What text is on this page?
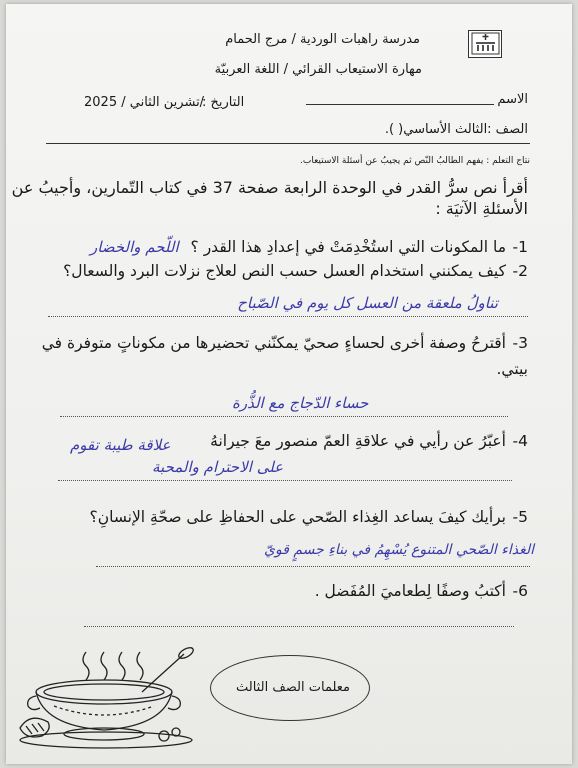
مدرسة راهبات الوردية / مرج الحمام
مهارة الاستيعاب القرائي / اللغة العربيّة
الاسم
/تشرين الثاني / 2025
التاريخ :
الصف :الثالث الأساسي( ).
نتاج التعلم : يفهم الطالبُ النّص ثم يجيبُ عن أسئلة الاستيعاب.
أقرأ نص سرُّ القدر في الوحدة الرابعة صفحة 37 في كتاب التّمارين، وأجيبُ عن
الأسئلةِ الآتيَة :
1-
ما المكونات التي استُخْدِمَتْ في إعدادِ هذا القدر ؟
اللّحم والخضار
2-
كيف يمكنني استخدام العسل حسب النص لعلاج نزلات البرد والسعال؟
تناولُ ملعقة من العسل كل يوم في الصّباح
3-
أقترحُ وصفة أخرى لحساءٍ صحيّ يمكنّني تحضيرها من مكوناتٍ متوفرة في
بيتي.
حساء الدّجاج مع الذُّرة
4-
أعبّرُ عن رأيي في علاقةِ العمّ منصور معَ جيرانهُ
علاقة طيبة تقوم
على الاحترام والمحبة
5-
برأيك كيفَ يساعد الغِذاء الصّحي على الحفاظِ على صحّةِ الإنسانِ؟
الغذاء الصّحي المتنوع يُسْهِمُ في بناءِ جسمٍ قويّ
6-
أكتبُ وصفًا لِطعاميَ المُفَضل .
معلمات الصف الثالث
